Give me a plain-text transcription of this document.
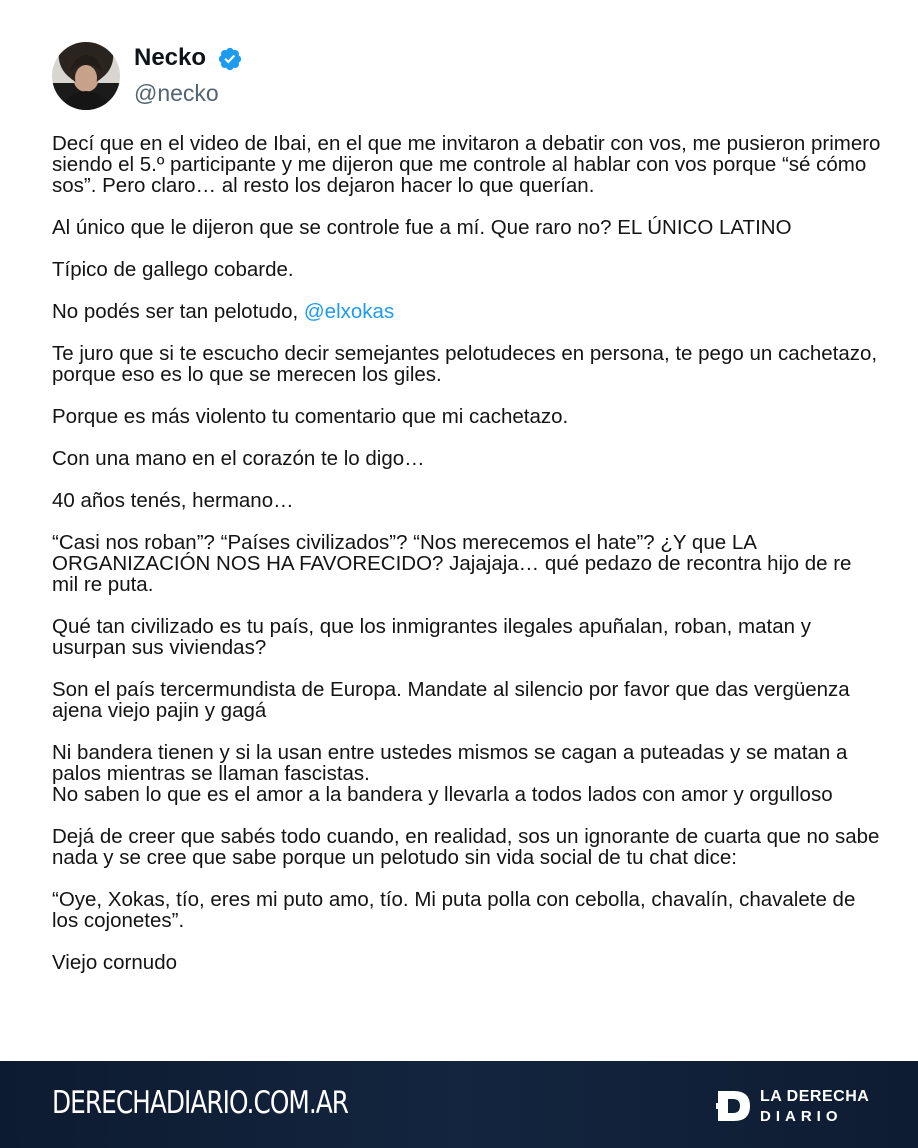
Necko
@necko

Decí que en el video de Ibai, en el que me invitaron a debatir con vos, me pusieron primero siendo el 5.º participante y me dijeron que me controle al hablar con vos porque “sé cómo sos”. Pero claro… al resto los dejaron hacer lo que querían.

Al único que le dijeron que se controle fue a mí. Que raro no? EL ÚNICO LATINO

Típico de gallego cobarde.

No podés ser tan pelotudo, @elxokas

Te juro que si te escucho decir semejantes pelotudeces en persona, te pego un cachetazo, porque eso es lo que se merecen los giles.

Porque es más violento tu comentario que mi cachetazo.

Con una mano en el corazón te lo digo…

40 años tenés, hermano…

“Casi nos roban”? “Países civilizados”? “Nos merecemos el hate”? ¿Y que LA ORGANIZACIÓN NOS HA FAVORECIDO? Jajajaja… qué pedazo de recontra hijo de re mil re puta.

Qué tan civilizado es tu país, que los inmigrantes ilegales apuñalan, roban, matan y usurpan sus viviendas?

Son el país tercermundista de Europa. Mandate al silencio por favor que das vergüenza ajena viejo pajin y gagá

Ni bandera tienen y si la usan entre ustedes mismos se cagan a puteadas y se matan a palos mientras se llaman fascistas.
No saben lo que es el amor a la bandera y llevarla a todos lados con amor y orgulloso

Dejá de creer que sabés todo cuando, en realidad, sos un ignorante de cuarta que no sabe nada y se cree que sabe porque un pelotudo sin vida social de tu chat dice:

“Oye, Xokas, tío, eres mi puto amo, tío. Mi puta polla con cebolla, chavalín, chavalete de los cojonetes”.

Viejo cornudo

DERECHADIARIO.COM.AR	LA DERECHA
DIARIO
